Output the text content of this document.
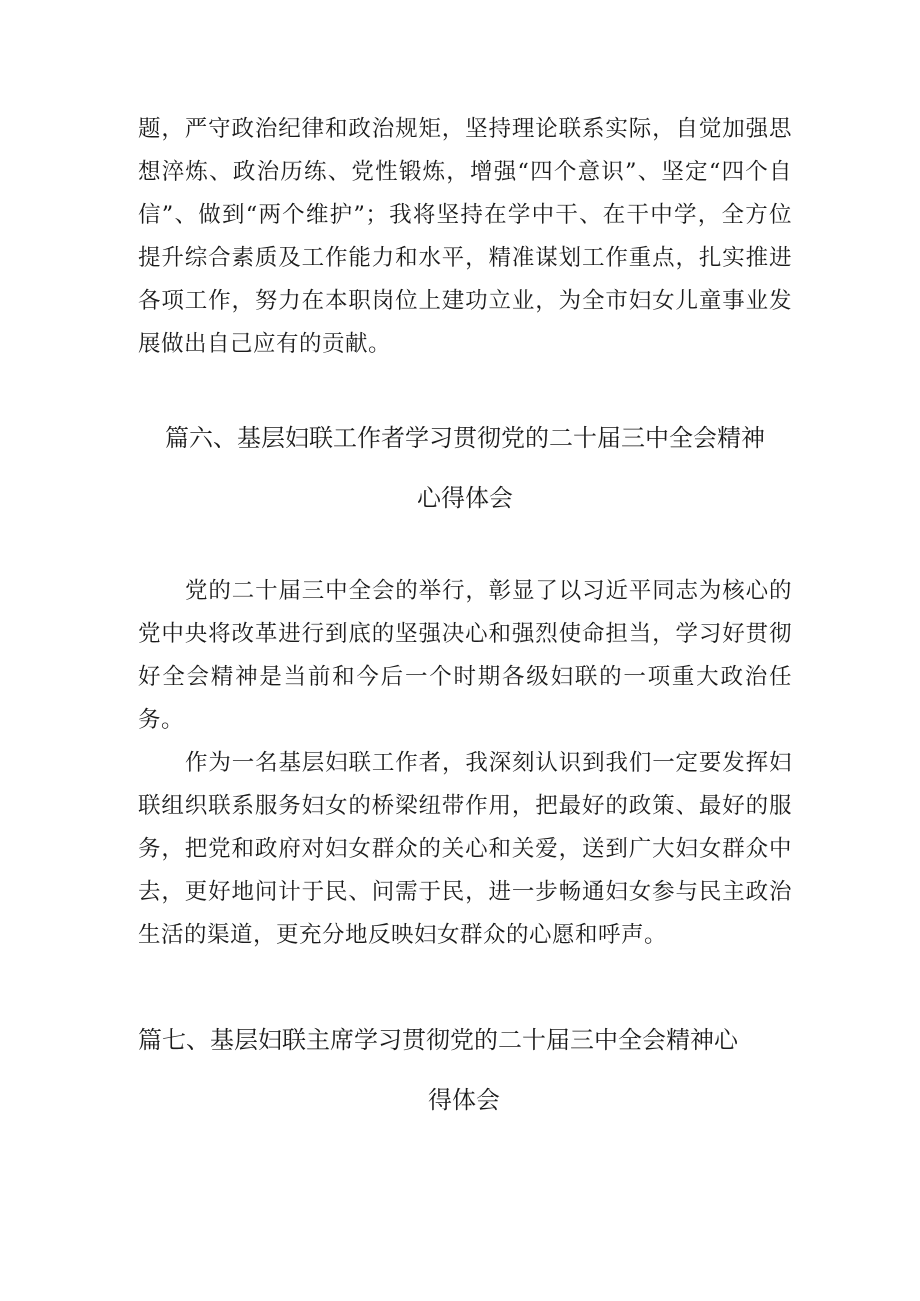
题，严守政治纪律和政治规矩，坚持理论联系实际，自觉加强思想淬炼、政治历练、党性锻炼，增强“四个意识”、坚定“四个自信”、做到“两个维护”；我将坚持在学中干、在干中学，全方位提升综合素质及工作能力和水平，精准谋划工作重点，扎实推进各项工作，努力在本职岗位上建功立业，为全市妇女儿童事业发展做出自己应有的贡献。

篇六、基层妇联工作者学习贯彻党的二十届三中全会精神
心得体会

党的二十届三中全会的举行，彰显了以习近平同志为核心的党中央将改革进行到底的坚强决心和强烈使命担当，学习好贯彻好全会精神是当前和今后一个时期各级妇联的一项重大政治任务。

作为一名基层妇联工作者，我深刻认识到我们一定要发挥妇联组织联系服务妇女的桥梁纽带作用，把最好的政策、最好的服务，把党和政府对妇女群众的关心和关爱，送到广大妇女群众中去，更好地问计于民、问需于民，进一步畅通妇女参与民主政治生活的渠道，更充分地反映妇女群众的心愿和呼声。

篇七、基层妇联主席学习贯彻党的二十届三中全会精神心
得体会
